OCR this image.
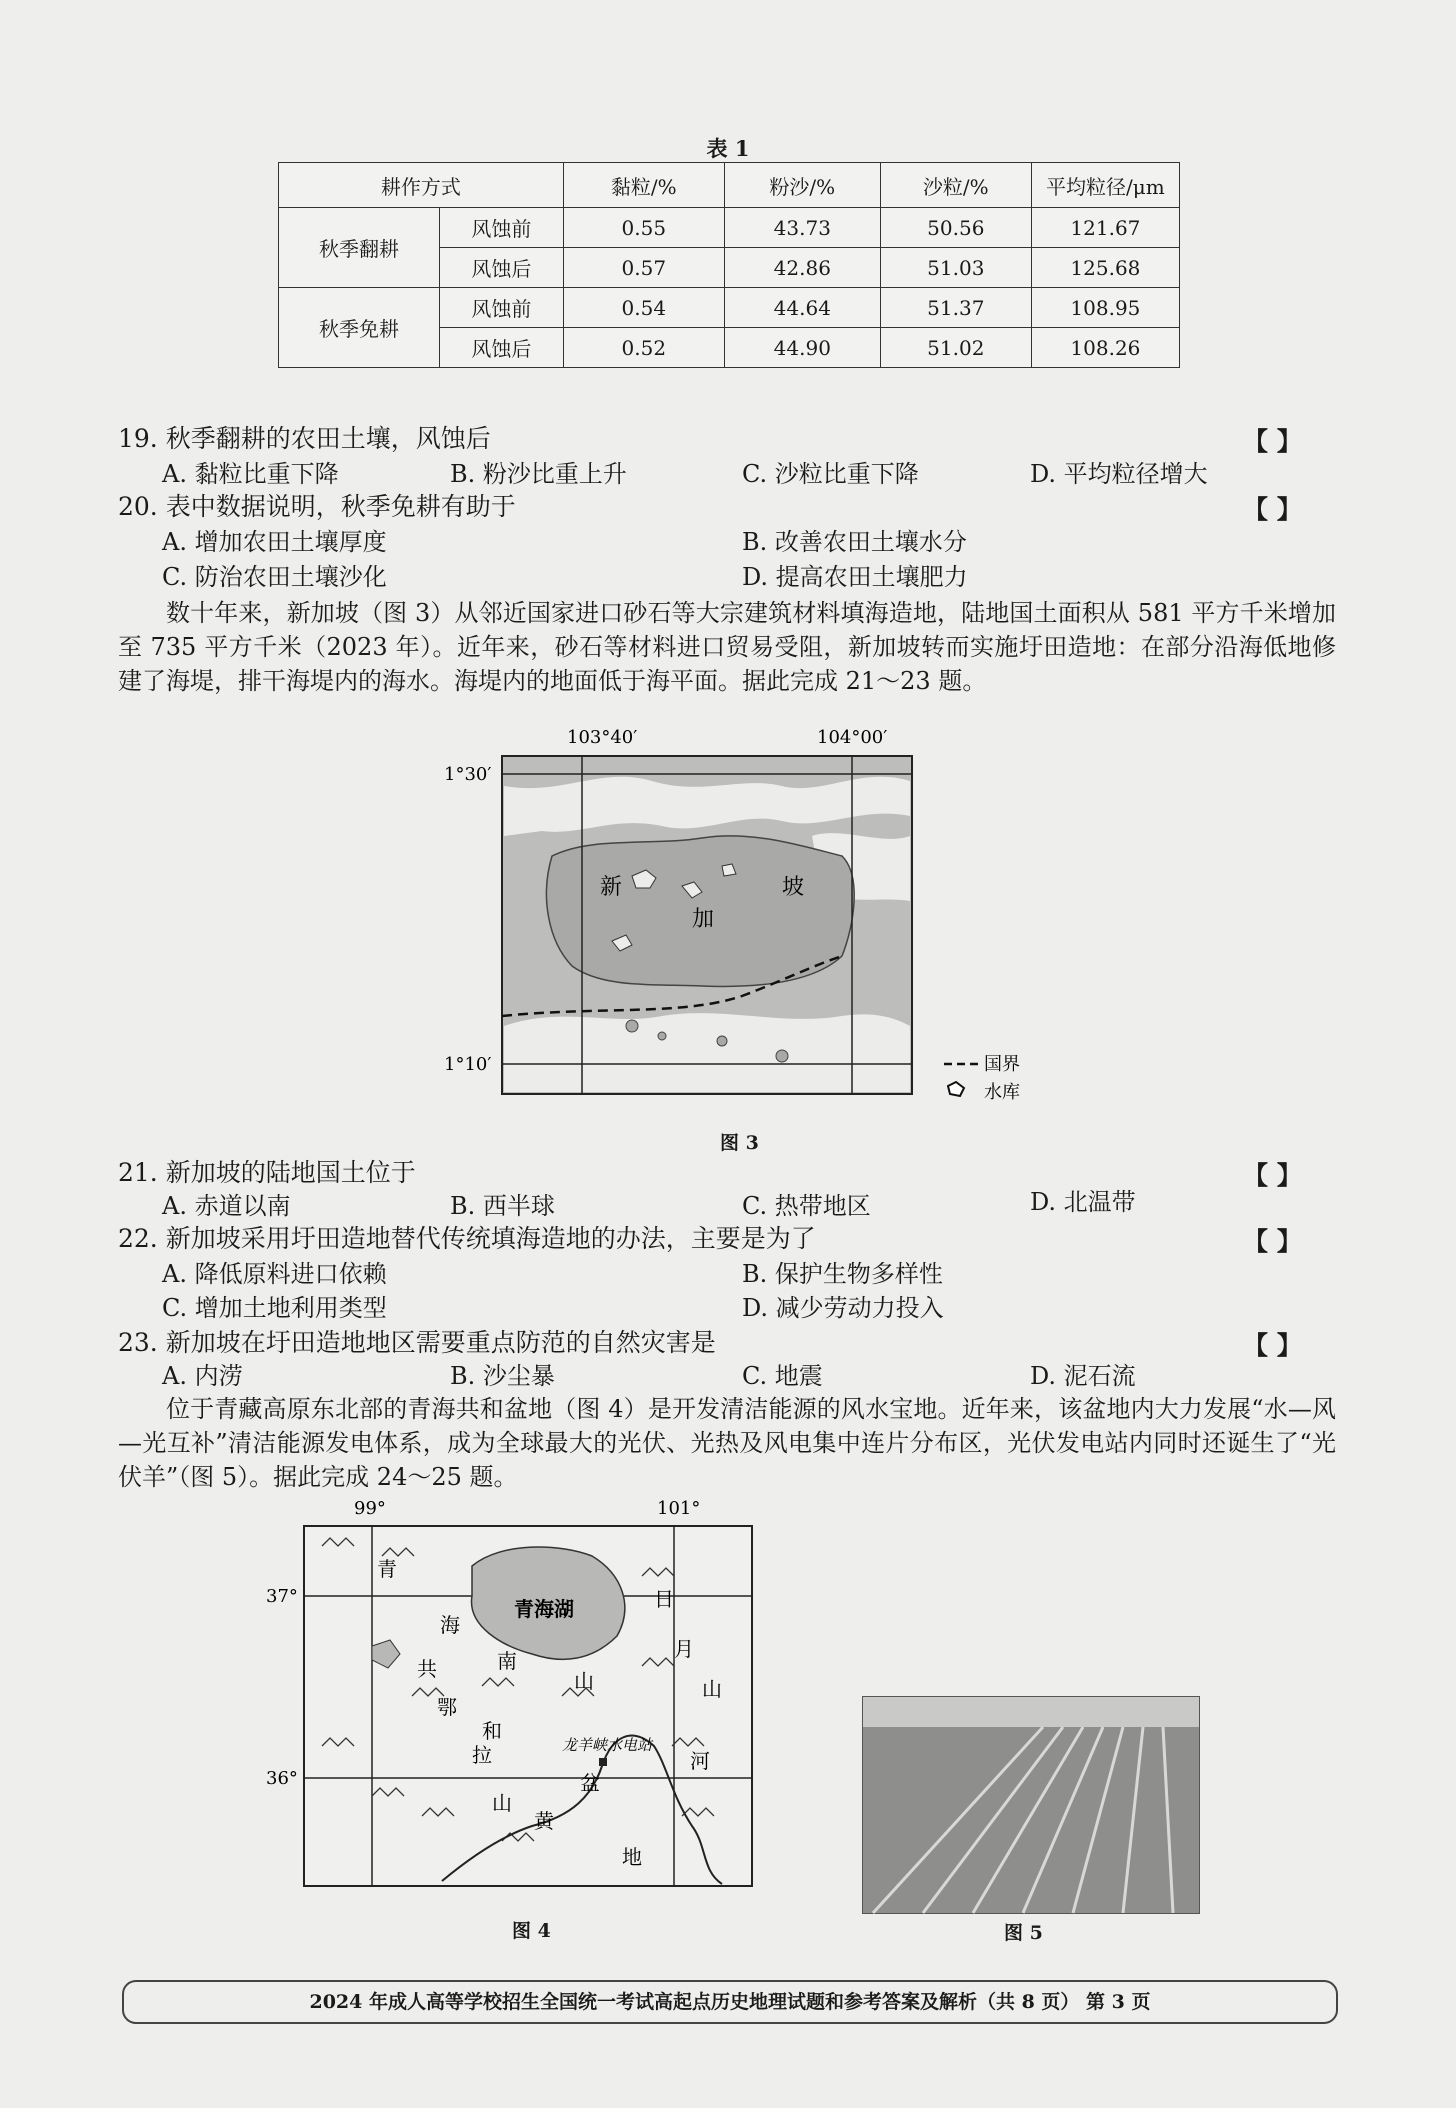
表 1
耕作方式		黏粒/%	粉沙/%	沙粒/%	平均粒径/μm
秋季翻耕	风蚀前	0.55	43.73	50.56	121.67
	风蚀后	0.57	42.86	51.03	125.68
秋季免耕	风蚀前	0.54	44.64	51.37	108.95
	风蚀后	0.52	44.90	51.02	108.26
19. 秋季翻耕的农田土壤，风蚀后	【 】
A. 黏粒比重下降	B. 粉沙比重上升	C. 沙粒比重下降	D. 平均粒径增大
20. 表中数据说明，秋季免耕有助于	【 】
A. 增加农田土壤厚度	B. 改善农田土壤水分
C. 防治农田土壤沙化	D. 提高农田土壤肥力
数十年来，新加坡（图 3）从邻近国家进口砂石等大宗建筑材料填海造地，陆地国土面积从 581 平方千米增加至 735 平方千米（2023 年）。近年来，砂石等材料进口贸易受阻，新加坡转而实施圩田造地：在部分沿海低地修建了海堤，排干海堤内的海水。海堤内的地面低于海平面。据此完成 21～23 题。
103°40′	104°00′
1°30′
1°10′
新
加
坡
国界
水库
图 3
21. 新加坡的陆地国土位于	【 】
A. 赤道以南	B. 西半球	C. 热带地区	D. 北温带
22. 新加坡采用圩田造地替代传统填海造地的办法，主要是为了	【 】
A. 降低原料进口依赖	B. 保护生物多样性
C. 增加土地利用类型	D. 减少劳动力投入
23. 新加坡在圩田造地地区需要重点防范的自然灾害是	【 】
A. 内涝	B. 沙尘暴	C. 地震	D. 泥石流
位于青藏高原东北部的青海共和盆地（图 4）是开发清洁能源的风水宝地。近年来，该盆地内大力发展“水—风—光互补”清洁能源发电体系，成为全球最大的光伏、光热及风电集中连片分布区，光伏发电站内同时还诞生了“光伏羊”（图 5）。据此完成 24～25 题。
99°	101°
37°
36°
青海湖
青
海
南
山
共
和
盆
地
日
月
山
鄂
拉
山
龙羊峡水电站
黄
河
图 4	图 5
2024 年成人高等学校招生全国统一考试高起点历史地理试题和参考答案及解析（共 8 页） 第 3 页
